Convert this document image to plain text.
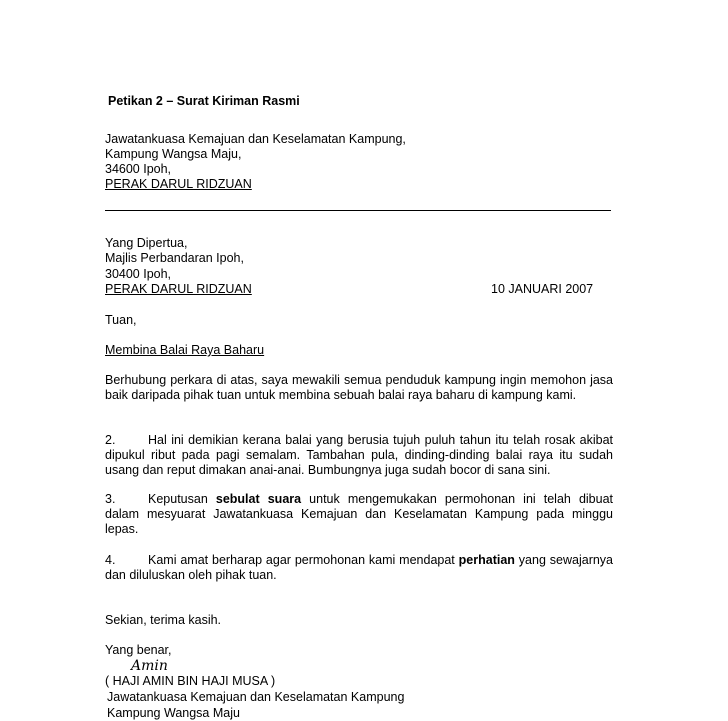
Petikan 2 – Surat Kiriman Rasmi
Jawatankuasa Kemajuan dan Keselamatan Kampung,
Kampung Wangsa Maju,
34600 Ipoh,
PERAK DARUL RIDZUAN
Yang Dipertua,
Majlis Perbandaran Ipoh,
30400 Ipoh,
PERAK DARUL RIDZUAN	10 JANUARI 2007
Tuan,
Membina Balai Raya Baharu
Berhubung perkara di atas, saya mewakili semua penduduk kampung ingin memohon jasa baik daripada pihak tuan untuk membina sebuah balai raya baharu di kampung kami.
2.	Hal ini demikian kerana balai yang berusia tujuh puluh tahun itu telah rosak akibat dipukul ribut pada pagi semalam. Tambahan pula, dinding-dinding balai raya itu sudah usang dan reput dimakan anai-anai. Bumbungnya juga sudah bocor di sana sini.
3.	Keputusan sebulat suara untuk mengemukakan permohonan ini telah dibuat dalam mesyuarat Jawatankuasa Kemajuan dan Keselamatan Kampung pada minggu lepas.
4.	Kami amat berharap agar permohonan kami mendapat perhatian yang sewajarnya dan diluluskan oleh pihak tuan.
Sekian, terima kasih.
Yang benar,
Amin
( HAJI AMIN BIN HAJI MUSA )
Jawatankuasa Kemajuan dan Keselamatan Kampung
Kampung Wangsa Maju
